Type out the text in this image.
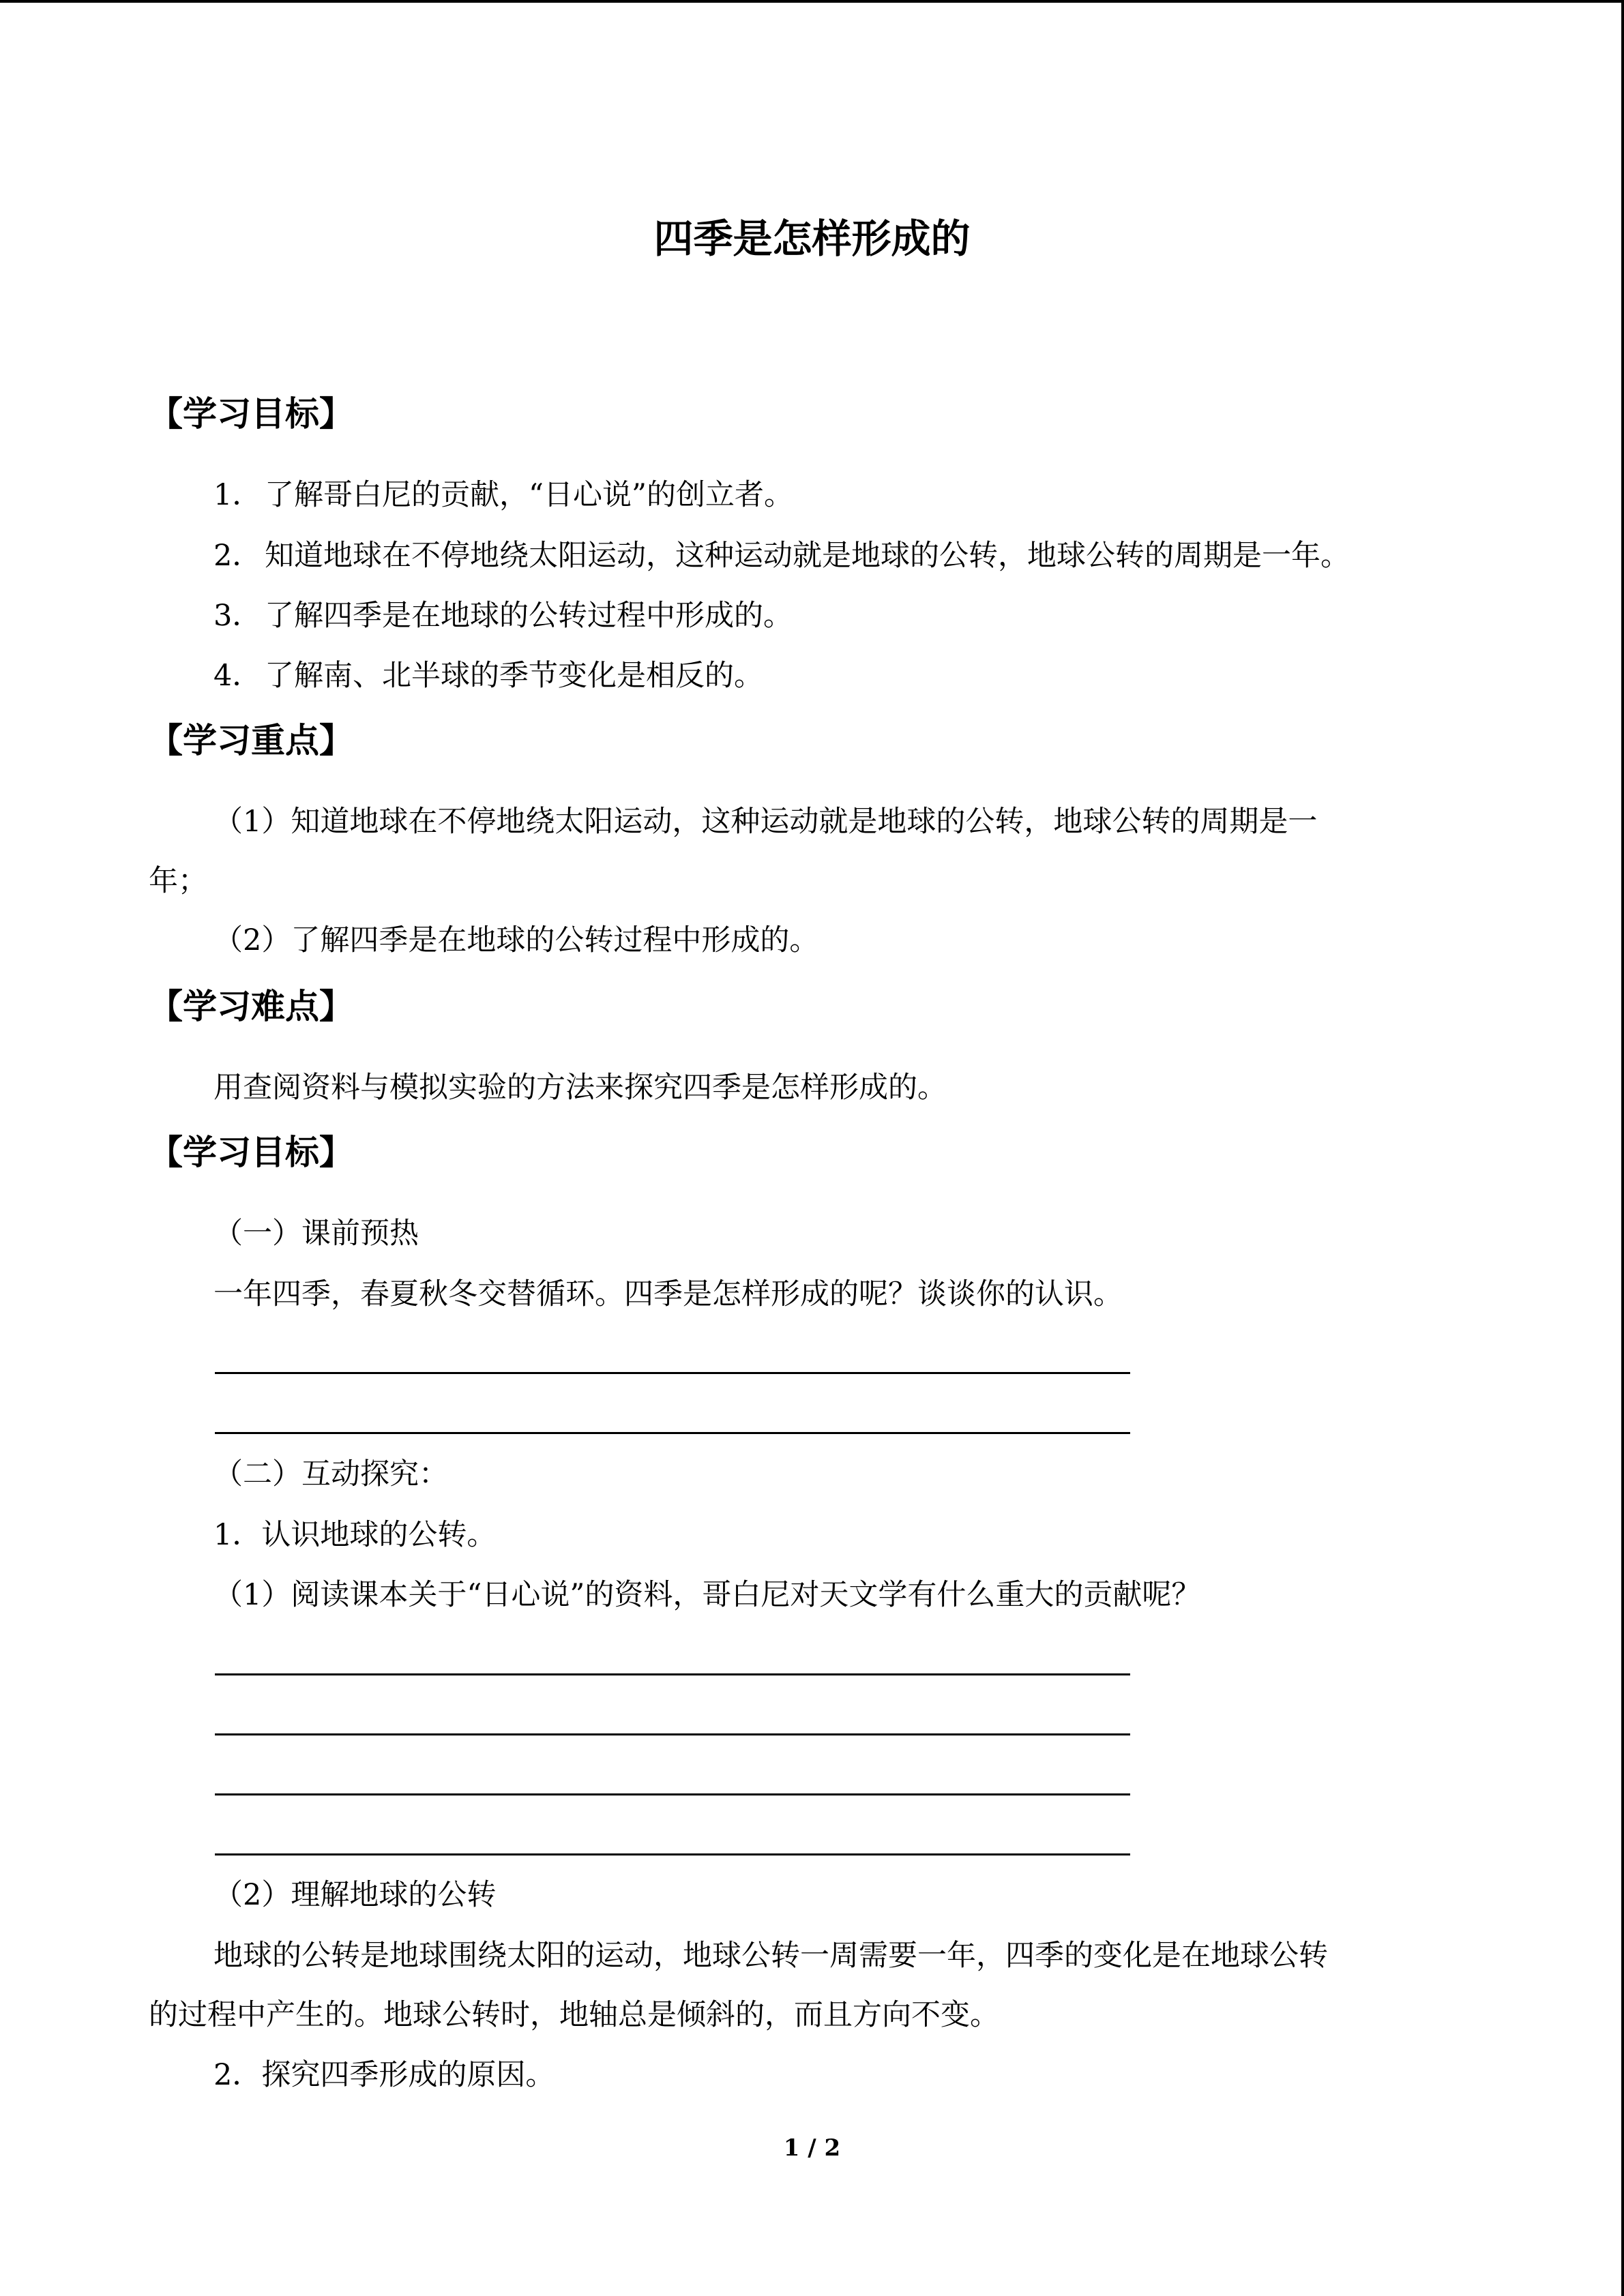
四季是怎样形成的
【学习目标】
1． 了解哥白尼的贡献，“日心说”的创立者。
2． 知道地球在不停地绕太阳运动，这种运动就是地球的公转，地球公转的周期是一年。
3． 了解四季是在地球的公转过程中形成的。
4． 了解南、北半球的季节变化是相反的。
【学习重点】
（1）知道地球在不停地绕太阳运动，这种运动就是地球的公转，地球公转的周期是一
年；
（2）了解四季是在地球的公转过程中形成的。
【学习难点】
用查阅资料与模拟实验的方法来探究四季是怎样形成的。
【学习目标】
（一）课前预热
一年四季，春夏秋冬交替循环。四季是怎样形成的呢？谈谈你的认识。
（二）互动探究：
1．认识地球的公转。
（1）阅读课本关于“日心说”的资料，哥白尼对天文学有什么重大的贡献呢？
（2）理解地球的公转
地球的公转是地球围绕太阳的运动，地球公转一周需要一年，四季的变化是在地球公转
的过程中产生的。地球公转时，地轴总是倾斜的，而且方向不变。
2．探究四季形成的原因。
1 / 2
